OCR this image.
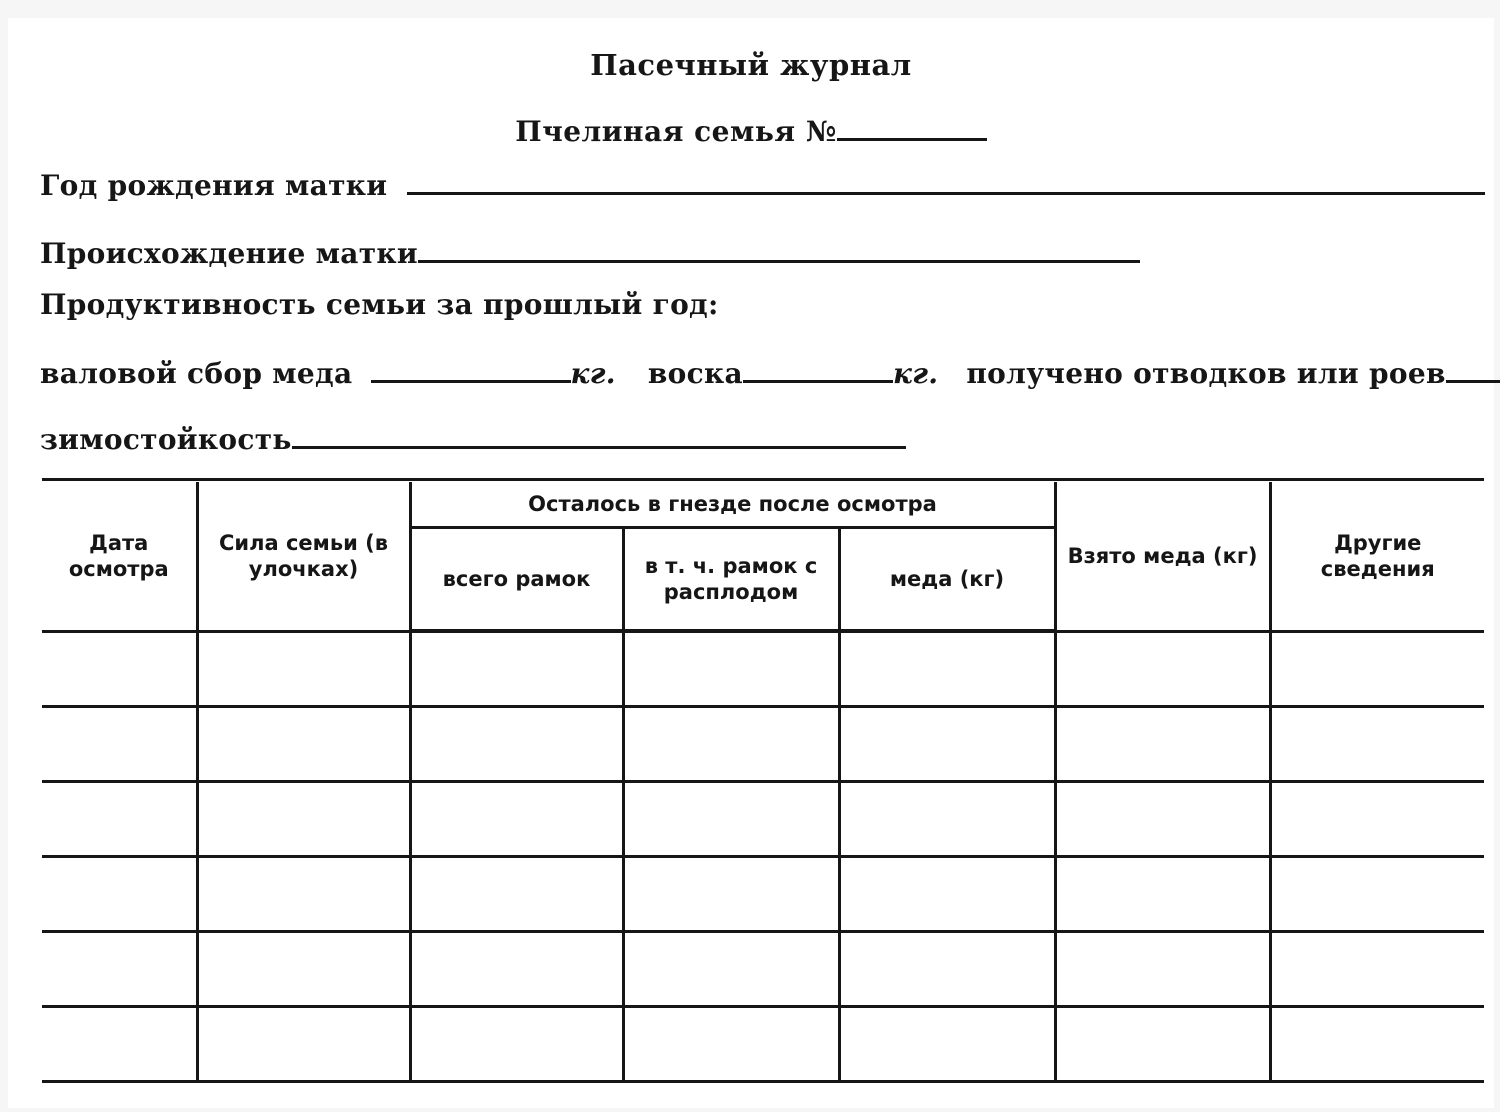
Пасечный журнал
Пчелиная семья №
Год рождения матки
Происхождение матки
Продуктивность семьи за прошлый год:
валовой сбор меда	кг. воска	кг. получено отводков или роев
зимостойкость
Дата осмотра	Сила семьи (в улочках)	Осталось в гнезде после осмотра			Взято меда (кг)	Другие сведения
		всего рамок	в т. ч. рамок с расплодом	меда (кг)		
